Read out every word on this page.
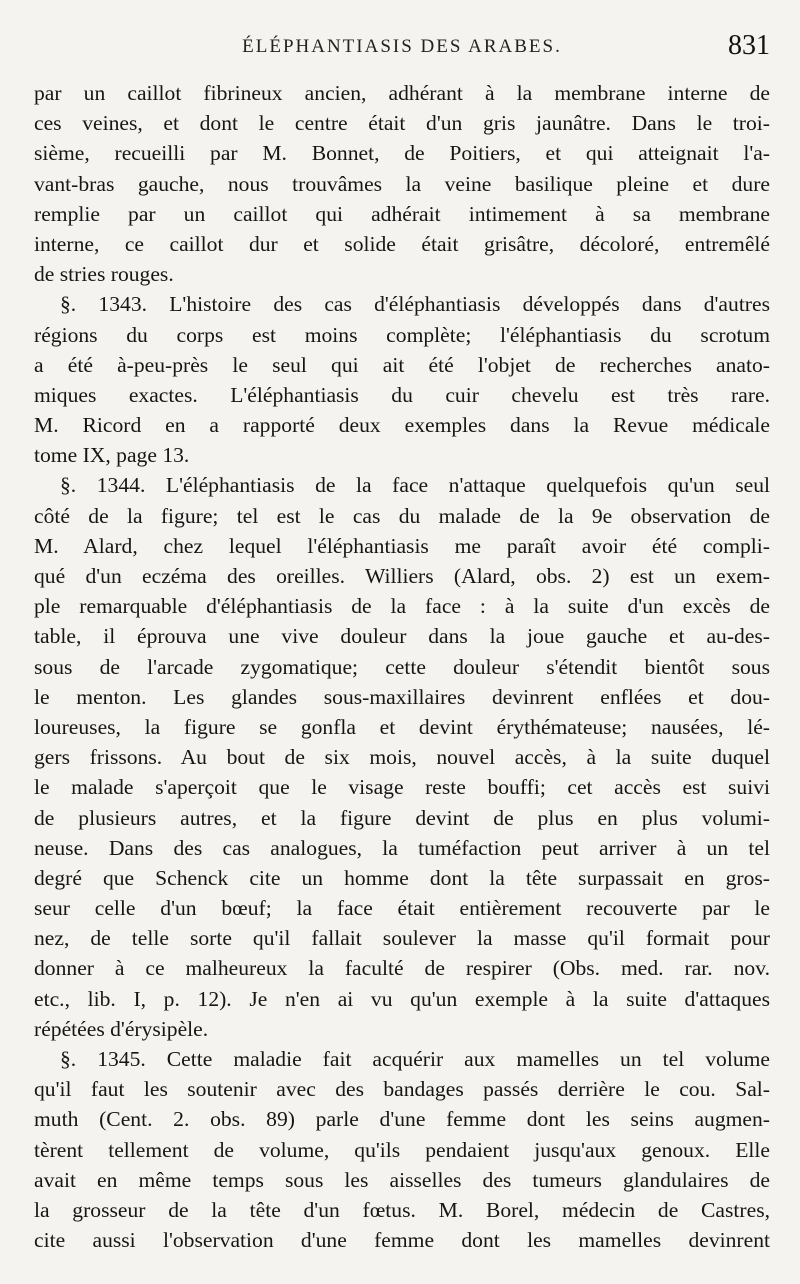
ÉLÉPHANTIASIS DES ARABES.	831
par un caillot fibrineux ancien, adhérant à la membrane interne de
ces veines, et dont le centre était d'un gris jaunâtre. Dans le troi-
sième, recueilli par M. Bonnet, de Poitiers, et qui atteignait l'a-
vant-bras gauche, nous trouvâmes la veine basilique pleine et dure
remplie par un caillot qui adhérait intimement à sa membrane
interne, ce caillot dur et solide était grisâtre, décoloré, entremêlé
de stries rouges.
§. 1343. L'histoire des cas d'éléphantiasis développés dans d'autres
régions du corps est moins complète; l'éléphantiasis du scrotum
a été à-peu-près le seul qui ait été l'objet de recherches anato-
miques exactes. L'éléphantiasis du cuir chevelu est très rare.
M. Ricord en a rapporté deux exemples dans la Revue médicale
tome IX, page 13.
§. 1344. L'éléphantiasis de la face n'attaque quelquefois qu'un seul
côté de la figure; tel est le cas du malade de la 9e observation de
M. Alard, chez lequel l'éléphantiasis me paraît avoir été compli-
qué d'un eczéma des oreilles. Williers (Alard, obs. 2) est un exem-
ple remarquable d'éléphantiasis de la face : à la suite d'un excès de
table, il éprouva une vive douleur dans la joue gauche et au-des-
sous de l'arcade zygomatique; cette douleur s'étendit bientôt sous
le menton. Les glandes sous-maxillaires devinrent enflées et dou-
loureuses, la figure se gonfla et devint érythémateuse; nausées, lé-
gers frissons. Au bout de six mois, nouvel accès, à la suite duquel
le malade s'aperçoit que le visage reste bouffi; cet accès est suivi
de plusieurs autres, et la figure devint de plus en plus volumi-
neuse. Dans des cas analogues, la tuméfaction peut arriver à un tel
degré que Schenck cite un homme dont la tête surpassait en gros-
seur celle d'un bœuf; la face était entièrement recouverte par le
nez, de telle sorte qu'il fallait soulever la masse qu'il formait pour
donner à ce malheureux la faculté de respirer (Obs. med. rar. nov.
etc., lib. I, p. 12). Je n'en ai vu qu'un exemple à la suite d'attaques
répétées d'érysipèle.
§. 1345. Cette maladie fait acquérir aux mamelles un tel volume
qu'il faut les soutenir avec des bandages passés derrière le cou. Sal-
muth (Cent. 2. obs. 89) parle d'une femme dont les seins augmen-
tèrent tellement de volume, qu'ils pendaient jusqu'aux genoux. Elle
avait en même temps sous les aisselles des tumeurs glandulaires de
la grosseur de la tête d'un fœtus. M. Borel, médecin de Castres,
cite aussi l'observation d'une femme dont les mamelles devinrent
